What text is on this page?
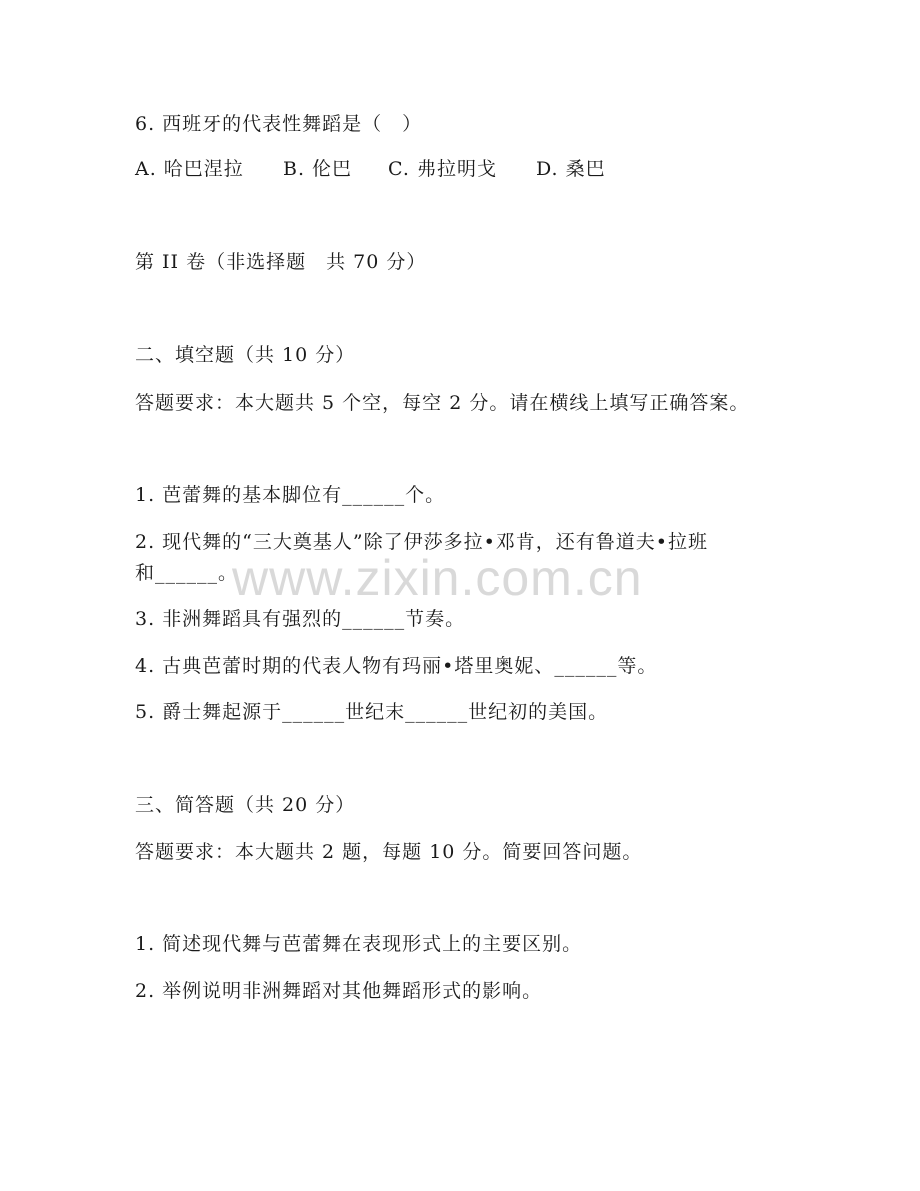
6. 西班牙的代表性舞蹈是（　）
A. 哈巴涅拉 B. 伦巴 C. 弗拉明戈 D. 桑巴
第 II 卷（非选择题　共 70 分）
二、填空题（共 10 分）
答题要求：本大题共 5 个空，每空 2 分。请在横线上填写正确答案。
1. 芭蕾舞的基本脚位有______个。
2. 现代舞的“三大奠基人”除了伊莎多拉•邓肯，还有鲁道夫•拉班
和______。
3. 非洲舞蹈具有强烈的______节奏。
4. 古典芭蕾时期的代表人物有玛丽•塔里奥妮、______等。
5. 爵士舞起源于______世纪末______世纪初的美国。
三、简答题（共 20 分）
答题要求：本大题共 2 题，每题 10 分。简要回答问题。
1. 简述现代舞与芭蕾舞在表现形式上的主要区别。
2. 举例说明非洲舞蹈对其他舞蹈形式的影响。
www.zixin.com.cn
